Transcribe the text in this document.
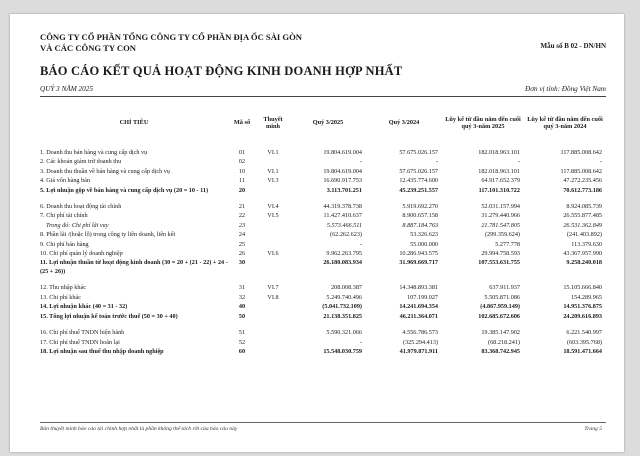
CÔNG TY CỔ PHẦN TỔNG CÔNG TY CỔ PHẦN ĐỊA ỐC SÀI GÒN
VÀ CÁC CÔNG TY CON	Mẫu số B 02 - DN/HN
BÁO CÁO KẾT QUẢ HOẠT ĐỘNG KINH DOANH HỢP NHẤT
QUÝ 3 NĂM 2025	Đơn vị tính: Đồng Việt Nam
CHỈ TIÊU	Mã số	Thuyết minh	Quý 3/2025	Quý 3/2024	Lũy kế từ đầu năm đến cuối quý 3-năm 2025	Lũy kế từ đầu năm đến cuối quý 3-năm 2024
1. Doanh thu bán hàng và cung cấp dịch vụ	01	VI.1	19.804.619.004	57.675.026.157	182.018.963.101	117.885.008.642
2. Các khoản giảm trừ doanh thu	02		-	-	-	-
3. Doanh thu thuần về bán hàng và cung cấp dịch vụ	10	VI.1	19.804.619.004	57.675.026.157	182.018.963.101	117.885.008.642
4. Giá vốn hàng bán	11	VI.3	16.690.917.753	12.435.774.600	64.917.652.379	47.272.235.456
5. Lợi nhuận gộp về bán hàng và cung cấp dịch vụ (20 = 10 - 11)	20		3.113.701.251	45.239.251.557	117.101.310.722	70.612.773.186

6. Doanh thu hoạt động tài chính	21	VI.4	44.319.378.738	5.919.692.270	52.031.157.994	8.924.085.739
7. Chi phí tài chính	22	VI.5	11.427.410.637	8.900.657.158	31.279.440.966	26.555.877.485
Trong đó: Chi phí lãi vay	23		5.573.466.511	8.887.184.763	21.781.547.805	26.531.362.849
8. Phần lãi /(hoặc lỗ) trong công ty liên doanh, liên kết	24		(62.262.623)	53.326.623	(299.359.624)	(241.403.892)
9. Chi phí bán hàng	25		-	55.000.000	5.277.778	113.379.630
10. Chi phí quản lý doanh nghiệp	26	VI.6	9.962.263.795	10.286.943.575	29.994.758.593	43.367.957.990
11. Lợi nhuận thuần từ hoạt động kinh doanh (30 = 20 + (21 - 22) + 24 - (25 + 26))	30		26.180.083.934	31.969.669.717	107.553.631.755	9.258.240.018

12. Thu nhập khác	31	VI.7	208.008.387	14.348.893.381	637.911.937	15.105.666.840
13. Chi phí khác	32	VI.8	5.249.740.496	107.199.027	5.505.871.086	154.289.965
14. Lợi nhuận khác (40 = 31 - 32)	40		(5.041.732.109)	14.241.694.354	(4.867.959.149)	14.951.376.875
15. Tổng lợi nhuận kế toán trước thuế (50 = 30 + 40)	50		21.138.351.825	46.211.364.071	102.685.672.606	24.209.616.893

16. Chi phí thuế TNDN hiện hành	51		5.590.321.066	4.556.786.573	19.385.147.902	6.221.540.997
17. Chi phí thuế TNDN hoãn lại	52		-	(325.294.413)	(68.218.241)	(603.395.768)
18. Lợi nhuận sau thuế thu nhập doanh nghiệp	60		15.548.030.759	41.979.871.911	83.368.742.945	18.591.471.664
Bản thuyết minh báo cáo tài chính hợp nhất là phần không thể tách rời của báo cáo này	Trang 5
